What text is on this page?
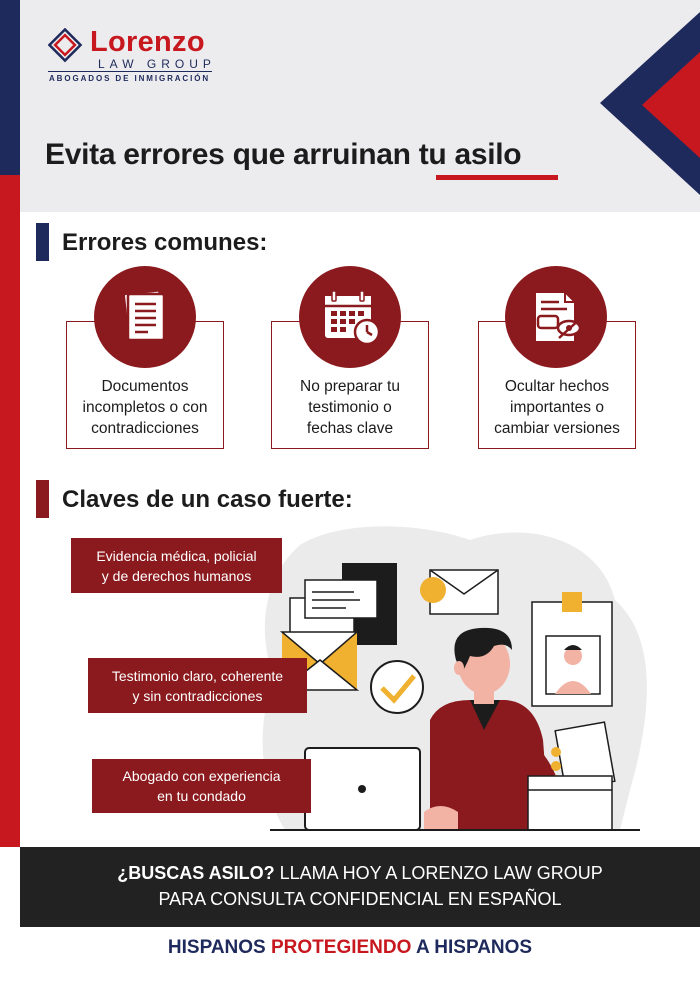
Lorenzo
LAW GROUP
ABOGADOS DE INMIGRACIÓN
Evita errores que arruinan tu asilo
Errores comunes:
Documentos
incompletos o con
contradicciones
No preparar tu
testimonio o
fechas clave
Ocultar hechos
importantes o
cambiar versiones
Claves de un caso fuerte:
Evidencia médica, policial
y de derechos humanos
Testimonio claro, coherente
y sin contradicciones
Abogado con experiencia
en tu condado
¿BUSCAS ASILO? LLAMA HOY A LORENZO LAW GROUP
PARA CONSULTA CONFIDENCIAL EN ESPAÑOL
HISPANOS PROTEGIENDO A HISPANOS
